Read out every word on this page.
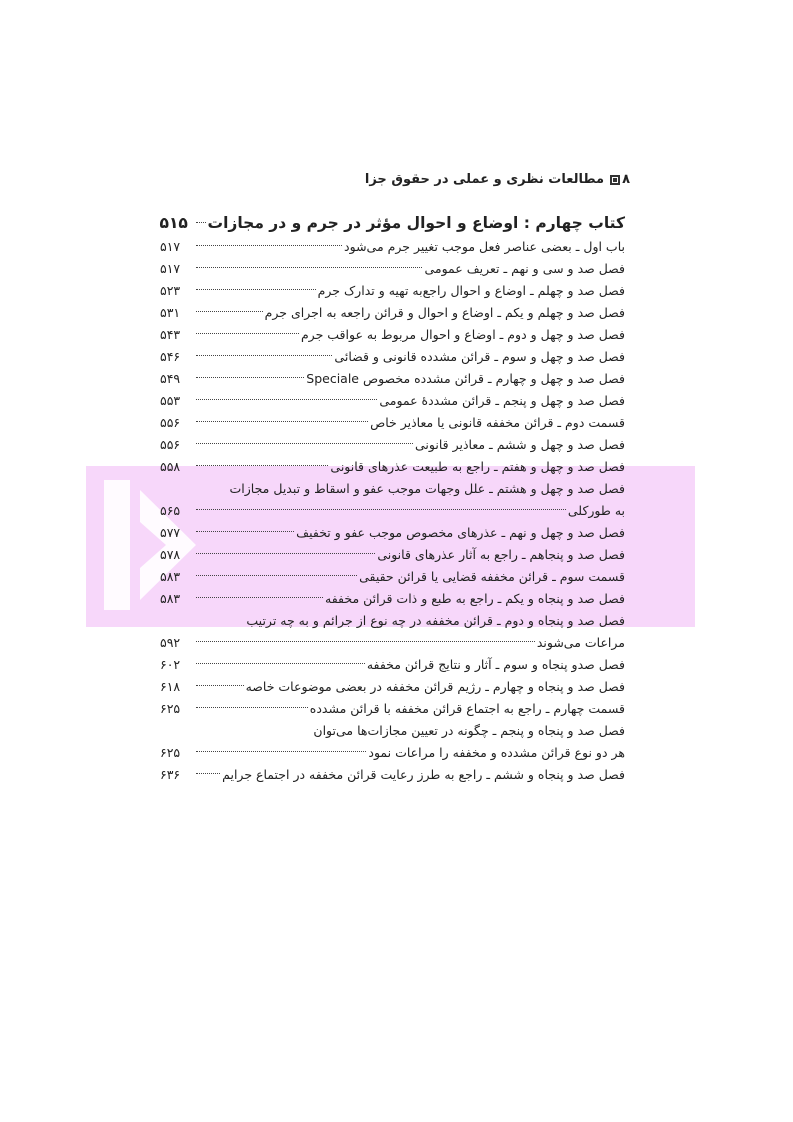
۸
مطالعات نظری و عملی در حقوق جزا
کتاب چهارم : اوضاع و احوال مؤثر در جرم و در مجازات
۵۱۵
باب اول ـ بعضی عناصر فعل موجب تغییر جرم می‌شود
۵۱۷
فصل صد و سی و نهم ـ تعریف عمومی
۵۱۷
فصل صد و چهلم ـ اوضاع و احوال راجع‌به تهیه و تدارک جرم
۵۲۳
فصل صد و چهلم و یکم ـ اوضاع و احوال و قرائن راجعه به اجرای جرم
۵۳۱
فصل صد و چهل و دوم ـ اوضاع و احوال مربوط به عواقب جرم
۵۴۳
فصل صد و چهل و سوم ـ قرائن مشدده قانونی و قضائی
۵۴۶
فصل صد و چهل و چهارم ـ قرائن مشدده مخصوص Speciale
۵۴۹
فصل صد و چهل و پنجم ـ قرائن مشددهٔ عمومی
۵۵۳
قسمت دوم ـ قرائن مخففه قانونی یا معاذیر خاص
۵۵۶
فصل صد و چهل و ششم ـ معاذیر قانونی
۵۵۶
فصل صد و چهل و هفتم ـ راجع به طبیعت عذرهای قانونی
۵۵۸
فصل صد و چهل و هشتم ـ علل وجهات موجب عفو و اسقاط و تبدیل مجازات
به طورکلی
۵۶۵
فصل صد و چهل و نهم ـ عذرهای مخصوص موجب عفو و تخفیف
۵۷۷
فصل صد و پنجاهم ـ راجع به آثار عذرهای قانونی
۵۷۸
قسمت سوم ـ قرائن مخففه قضایی یا قرائن حقیقی
۵۸۳
فصل صد و پنجاه و یکم ـ راجع به طبع و ذات قرائن مخففه
۵۸۳
فصل صد و پنجاه و دوم ـ قرائن مخففه در چه نوع از جرائم و به چه ترتیب
مراعات می‌شوند
۵۹۲
فصل صدو پنجاه و سوم ـ آثار و نتایج قرائن مخففه
۶۰۲
فصل صد و پنجاه و چهارم ـ رژیم قرائن مخففه در بعضی موضوعات خاصه
۶۱۸
قسمت چهارم ـ راجع به اجتماع قرائن مخففه با قرائن مشدده
۶۲۵
فصل صد و پنجاه و پنجم ـ چگونه در تعیین مجازات‌ها می‌توان
هر دو نوع قرائن مشدده و مخففه را مراعات نمود
۶۲۵
فصل صد و پنجاه و ششم ـ راجع به طرز رعایت قرائن مخففه در اجتماع جرایم
۶۳۶
